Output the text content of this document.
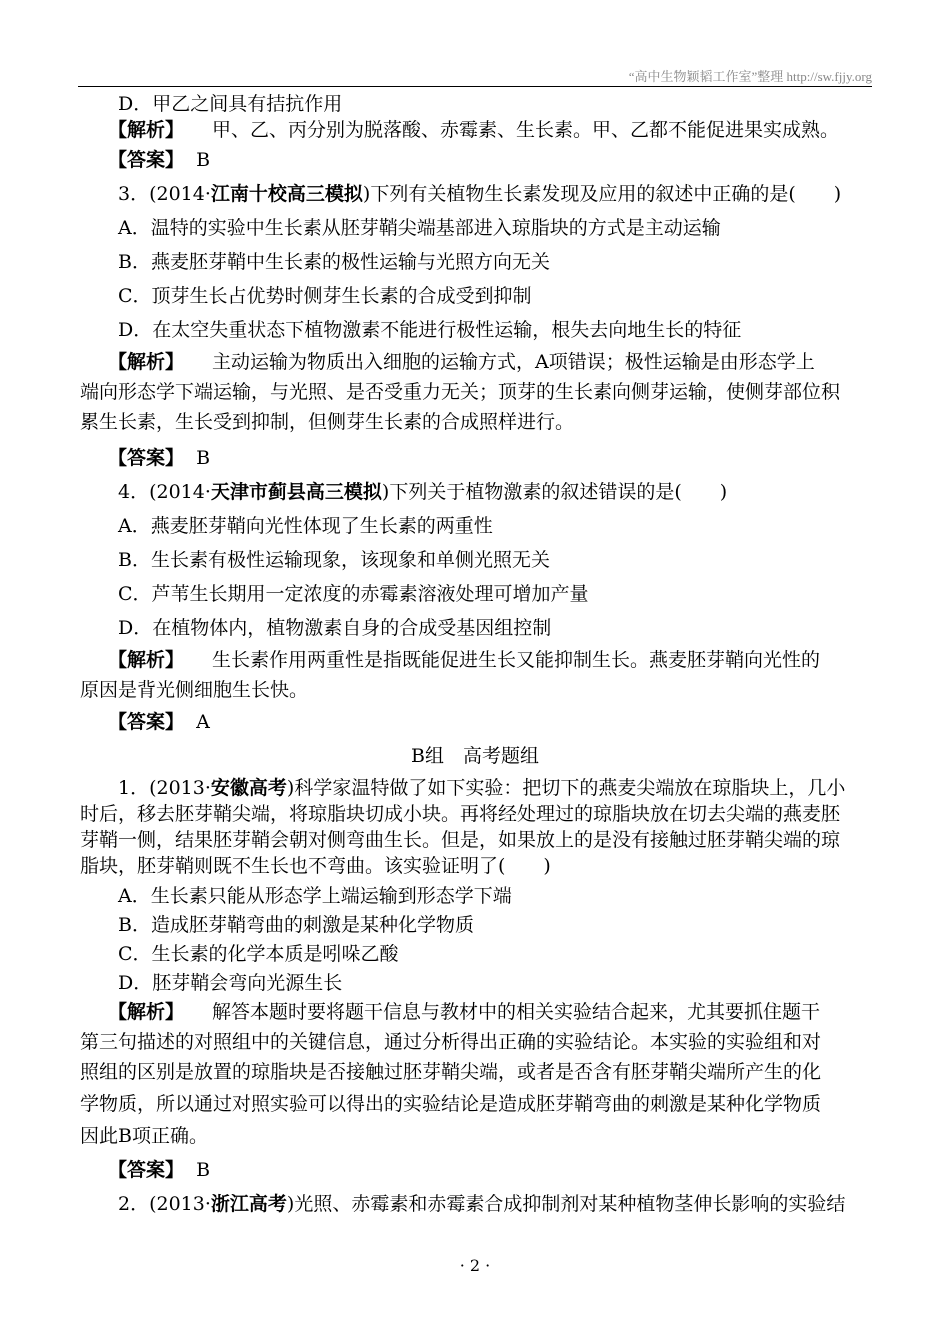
“高中生物颖韬工作室”整理 http://sw.fjjy.org
D．甲乙之间具有拮抗作用
【解析】 甲、乙、丙分别为脱落酸、赤霉素、生长素。甲、乙都不能促进果实成熟。
【答案】 B
3．(2014·江南十校高三模拟)下列有关植物生长素发现及应用的叙述中正确的是(　　)
A．温特的实验中生长素从胚芽鞘尖端基部进入琼脂块的方式是主动运输
B．燕麦胚芽鞘中生长素的极性运输与光照方向无关
C．顶芽生长占优势时侧芽生长素的合成受到抑制
D．在太空失重状态下植物激素不能进行极性运输，根失去向地生长的特征
【解析】 主动运输为物质出入细胞的运输方式，A项错误；极性运输是由形态学上
端向形态学下端运输，与光照、是否受重力无关；顶芽的生长素向侧芽运输，使侧芽部位积
累生长素，生长受到抑制，但侧芽生长素的合成照样进行。
【答案】 B
4．(2014·天津市蓟县高三模拟)下列关于植物激素的叙述错误的是(　　)
A．燕麦胚芽鞘向光性体现了生长素的两重性
B．生长素有极性运输现象，该现象和单侧光照无关
C．芦苇生长期用一定浓度的赤霉素溶液处理可增加产量
D．在植物体内，植物激素自身的合成受基因组控制
【解析】 生长素作用两重性是指既能促进生长又能抑制生长。燕麦胚芽鞘向光性的
原因是背光侧细胞生长快。
【答案】 A
B组　高考题组
1．(2013·安徽高考)科学家温特做了如下实验：把切下的燕麦尖端放在琼脂块上，几小
时后，移去胚芽鞘尖端，将琼脂块切成小块。再将经处理过的琼脂块放在切去尖端的燕麦胚
芽鞘一侧，结果胚芽鞘会朝对侧弯曲生长。但是，如果放上的是没有接触过胚芽鞘尖端的琼
脂块，胚芽鞘则既不生长也不弯曲。该实验证明了(　　)
A．生长素只能从形态学上端运输到形态学下端
B．造成胚芽鞘弯曲的刺激是某种化学物质
C．生长素的化学本质是吲哚乙酸
D．胚芽鞘会弯向光源生长
【解析】 解答本题时要将题干信息与教材中的相关实验结合起来，尤其要抓住题干
第三句描述的对照组中的关键信息，通过分析得出正确的实验结论。本实验的实验组和对
照组的区别是放置的琼脂块是否接触过胚芽鞘尖端，或者是否含有胚芽鞘尖端所产生的化
学物质，所以通过对照实验可以得出的实验结论是造成胚芽鞘弯曲的刺激是某种化学物质
因此B项正确。
【答案】 B
2．(2013·浙江高考)光照、赤霉素和赤霉素合成抑制剂对某种植物茎伸长影响的实验结
· 2 ·
